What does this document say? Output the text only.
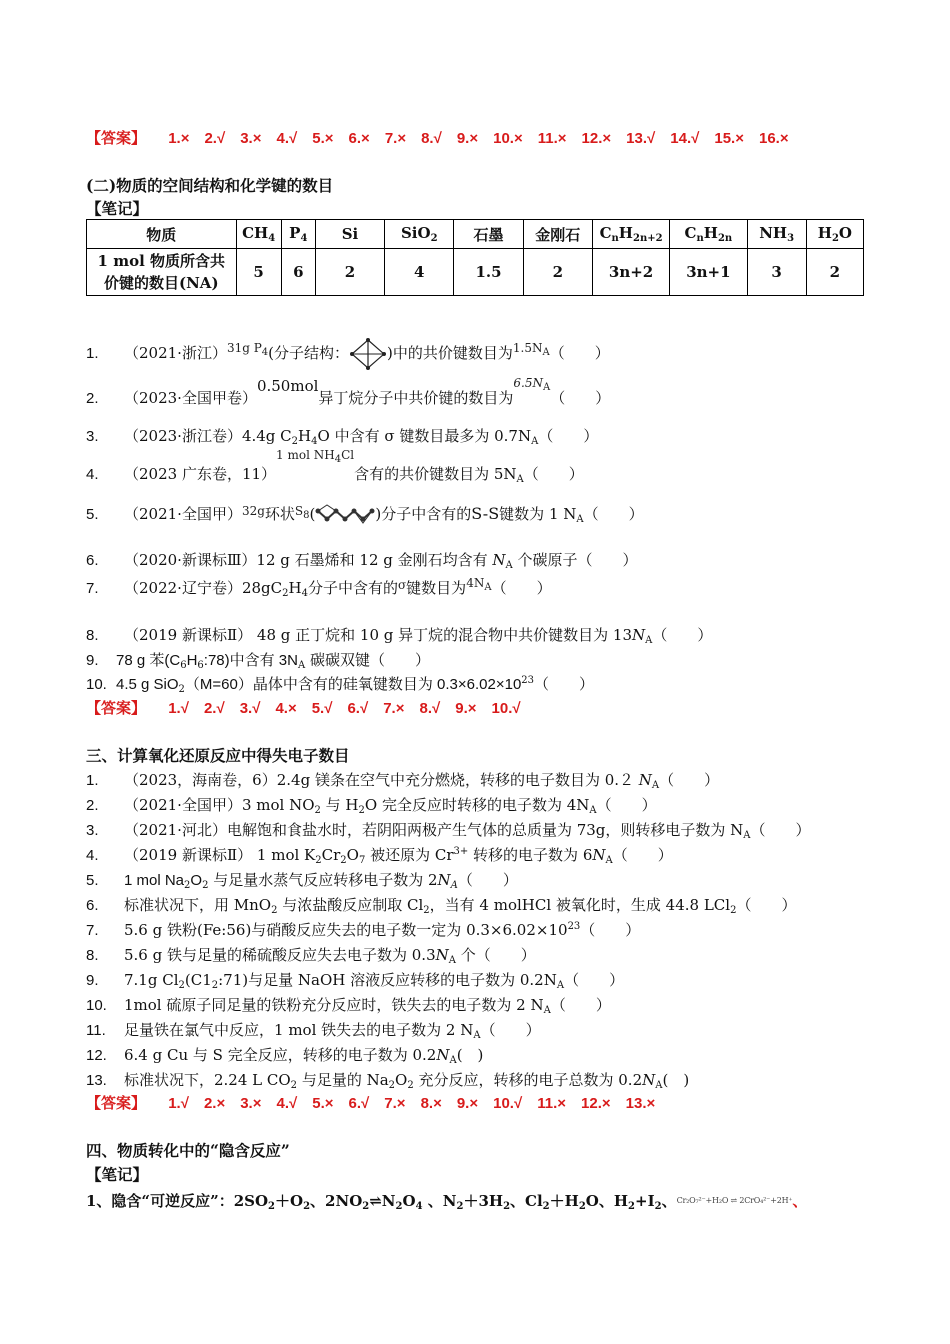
【答案】 1.× 2.√ 3.× 4.√ 5.× 6.× 7.× 8.√ 9.× 10.× 11.× 12.× 13.√ 14.√ 15.× 16.×
(二)物质的空间结构和化学键的数目
【笔记】
物质	$CH_4$	$P_4$	Si	SiO$_2$	石墨	金刚石	$C_nH_{2n+2}$	$C_nH_{2n}$	$NH_3$	$H_2O$
1 mol 物质所含共
价键的数目(NA)	5	6	2	4	1.5	2	3n+2	3n+1	3	2
1. （2021·浙江）$^{31g P_4}$(分子结构：	)中的共价键数目为$^{1.5N_A}$（　　）
2. （2023·全国甲卷）0.50mol异丁烷分子中共价键的数目为$^{6.5N_A}$（　　）
3. （2023·浙江卷）4.4g $C_2H_4O$ 中含有 σ 键数目最多为 $0.7N_A$（　　）
4. （2023 广东卷，11）$^{1 mol NH_4Cl}$含有的共价键数目为 $5N_A$（　　）
5. （2021·全国甲）$^{32g}$环状$^{S_8}$(	)分子中含有的S-S键数为 1 $N_A$（　　）
6. （2020·新课标Ⅲ）12 g 石墨烯和 12 g 金刚石均含有 $N_A$ 个碳原子（　　）
7. （2022·辽宁卷）$28gC_2H_4$分子中含有的$^\sigma$键数目为$^{4N_A}$（　　）
8. （2019 新课标Ⅱ） 48 g 正丁烷和 10 g 异丁烷的混合物中共价键数目为 $13N_A$（　　）
9. 78 g 苯$(C_6H_6:78)$中含有 $3N_A$ 碳碳双键（　　）
10. 4.5 g SiO$_2$（M=60）晶体中含有的硅氧键数目为 $0.3\times 6.02\times 10^{23}$（　　）
【答案】 1.√ 2.√ 3.√ 4.× 5.√ 6.√ 7.× 8.√ 9.× 10.√
三、计算氧化还原反应中得失电子数目
1. （2023，海南卷，6）2.4g 镁条在空气中充分燃烧，转移的电子数目为 0.２ $N_A$（　　）
2. （2021·全国甲）3 mol $NO_2$ 与 $H_2O$ 完全反应时转移的电子数为 $4N_A$（　　）
3. （2021·河北）电解饱和食盐水时，若阴阳两极产生气体的总质量为 73g，则转移电子数为 $N_A$（　　）
4. （2019 新课标Ⅱ） 1 mol $K_2Cr_2O_7$ 被还原为 $Cr^{3+}$ 转移的电子数为 $6N_A$（　　）
5. 1 mol $Na_2O_2$ 与足量水蒸气反应转移电子数为 $2N_A$（　　）
6. 标准状况下，用 MnO$_2$ 与浓盐酸反应制取 $Cl_2$，当有 4 molHCl 被氧化时，生成 44.8 LCl$_2$（　　）
7. 5.6 g 铁粉(Fe:56)与硝酸反应失去的电子数一定为 $0.3\times 6.02\times 10^{23}$（　　）
8. 5.6 g 铁与足量的稀硫酸反应失去电子数为 $0.3N_A$ 个（　　）
9. 7.1g $Cl_2(C1_2:71)$与足量 NaOH 溶液反应转移的电子数为 $0.2N_A$（　　）
10. 1mol 硫原子同足量的铁粉充分反应时，铁失去的电子数为 2 $N_A$（　　）
11. 足量铁在氯气中反应，1 mol 铁失去的电子数为 2 $N_A$（　　）
12. 6.4 g Cu 与 S 完全反应，转移的电子数为 $0.2N_A$(　)
13. 标准状况下，2.24 L $CO_2$ 与足量的 $Na_2O_2$ 充分反应，转移的电子总数为 $0.2N_A$(　)
【答案】 1.√ 2.× 3.× 4.√ 5.× 6.√ 7.× 8.× 9.× 10.√ 11.× 12.× 13.×
四、物质转化中的“隐含反应”
【笔记】
1、隐含“可逆反应”：$2SO_2+O_2$、$2NO_2\rightleftharpoons N_2O_4$ 、$N_2+3H_2$、$Cl_2+H_2O$、$H_2+I_2$、$^{Cr_2O_7^{2-}+H_2O \rightleftharpoons 2CrO_4^{2-}+2H^+}$、
